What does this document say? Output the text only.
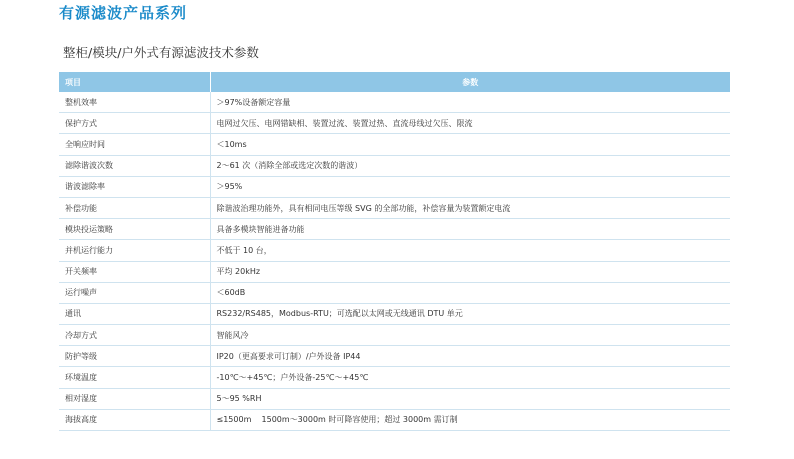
有源滤波产品系列
整柜/模块/户外式有源滤波技术参数
项目	参数
整机效率	＞97%设备额定容量
保护方式	电网过欠压、电网错缺相、装置过流、装置过热、直流母线过欠压、限流
全响应时间	＜10ms
滤除谐波次数	2～61 次（消除全部或选定次数的谐波）
谐波滤除率	＞95%
补偿功能	除谐波治理功能外，具有相同电压等级 SVG 的全部功能，补偿容量为装置额定电流
模块投运策略	具备多模块智能进备功能
并机运行能力	不低于 10 台，
开关频率	平均 20kHz
运行噪声	＜60dB
通讯	RS232/RS485，Modbus-RTU；可选配以太网或无线通讯 DTU 单元
冷却方式	智能风冷
防护等级	IP20（更高要求可订制）/户外设备 IP44
环境温度	-10℃～+45℃；户外设备-25℃～+45℃
相对湿度	5～95 %RH
海拔高度	≤1500m    1500m～3000m 时可降容使用；超过 3000m 需订制
